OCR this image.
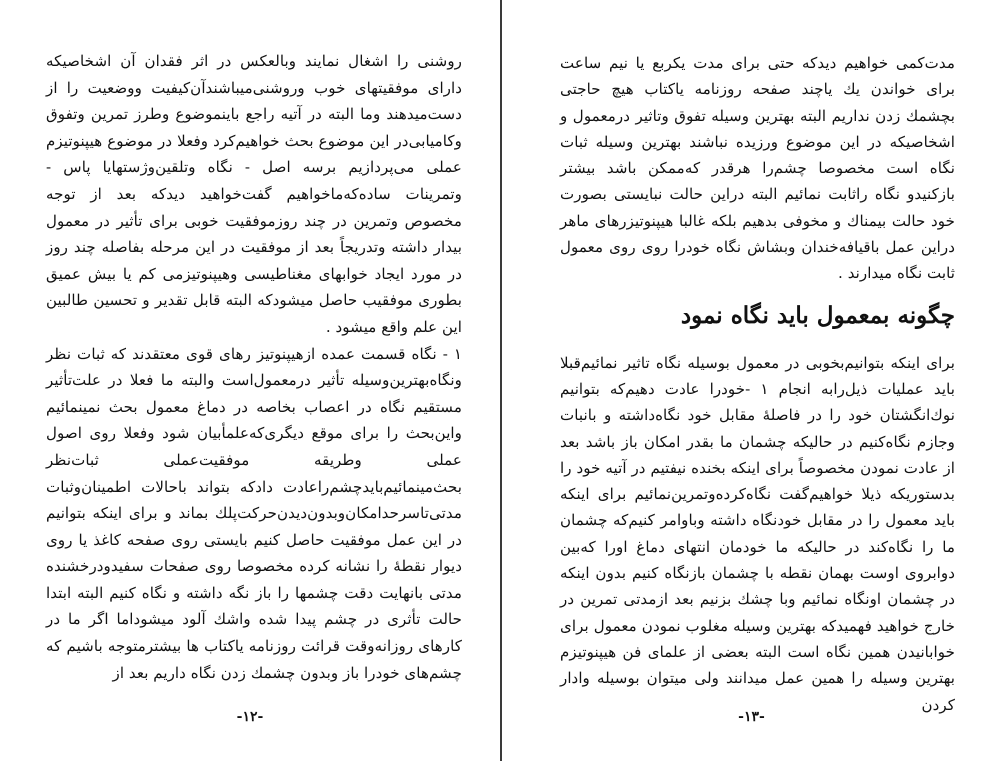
روشنی را اشغال نمایند وبالعکس در اثر فقدان آن اشخاصیکه دارای موفقیتهای خوب وروشنی‌میباشندآن‌کیفیت ووضعیت را از دست‌میدهند وما البته در آتیه راجع باینموضوع وطرز تمرین وتفوق وکامیابی‌در این موضوع بحث خواهیم‌کرد وفعلا در موضوع هیپنوتیزم عملی می‌پردازیم برسه اصل - نگاه وتلقین‌وژستهایا پاس - وتمرینات ساده‌که‌ماخواهیم گفت‌خواهید دیدکه بعد از توجه مخصوص وتمرین در چند روزموفقیت خوبی برای تأثیر در معمول بیدار داشته وتدریجاً بعد از موفقیت در این مرحله بفاصله چند روز در مورد ایجاد خوابهای مغناطیسی وهیپنوتیزمی کم یا بیش عمیق بطوری موفقیب حاصل میشودکه البته قابل تقدیر و تحسین طالبین این علم واقع میشود .

۱ - نگاه قسمت عمده ازهیپنوتیز رهای قوی معتقدند که ثبات نظر ونگاه‌بهترین‌وسیله تأثیر درمعمول‌است والبته ما فعلا در علت‌تأثیر مستقیم نگاه در اعصاب بخاصه در دماغ معمول بحث نمینمائیم واین‌بحث را برای موقع دیگری‌که‌علمأبیان شود وفعلا روی اصول عملی وطریقه موفقیت‌عملی ثبات‌نظر بحث‌مینمائیم‌بایدچشم‌راعادت داد‌که بتواند باحالات اطمینان‌وثبات مدتی‌تاسرحدامکان‌وبدون‌دیدن‌حرکت‌پلك بماند و برای اینکه بتوانیم در این عمل موفقیت حاصل کنیم بایستی روی صفحه کاغذ یا روی دیوار نقطهٔ را نشانه کرده مخصوصا روی صفحات سفیدودرخشنده مدتی بانهایت دقت چشمها را باز نگه داشته و نگاه کنیم البته ابتدا حالت تأثری در چشم پیدا شده واشك آلود میشوداما اگر ما در کارهای روزانه‌وقت قرائت روزنامه یاکتاب ها بیشترمتوجه باشیم که چشم‌های خودرا باز وبدون چشمك زدن نگاه داریم بعد از

-۱۲-

مدت‌کمی خواهیم دیدکه حتی برای مدت یکربع یا نیم ساعت برای خواندن یك یاچند صفحه روزنامه یاکتاب هیچ حاجتی بچشمك زدن نداریم البته بهترین وسیله تفوق وتاثیر درمعمول و اشخاصیکه در این موضوع ورزیده نباشند بهترین وسیله ثبات نگاه است مخصوصا چشم‌را هرقدر که‌ممکن باشد بیشتر بازکنیدو نگاه راثابت نمائیم البته دراین حالت نبایستی بصورت خود حالت بیمناك و مخوفی بدهیم بلکه غالبا هیپنوتیزرهای ماهر دراین عمل باقیافه‌خندان وبشاش نگاه خودرا روی روی معمول ثابت نگاه میدارند .

چگونه بمعمول باید نگاه نمود

برای اینکه بتوانیم‌بخوبی در معمول بوسیله نگاه تاثیر نمائیم‌قبلا باید عملیات ذیل‌رابه‌ انجام ۱ -خودرا عادت دهیم‌که بتوانیم نوك‌انگشتان خود را در فاصلهٔ مقابل خود نگاه‌داشته و بانبات وجازم نگاه‌کنیم در حالیکه چشمان ما بقدر امکان باز باشد بعد از عادت نمودن مخصوصاً برای اینکه بخنده نیفتیم در آتیه خود را بدستوریکه ذیلا خواهیم‌گفت نگاه‌کرده‌وتمرین‌نمائیم برای اینکه باید معمول را در مقابل خودنگاه داشته وباوامر کنیم‌که چشمان ما را نگاه‌کند در حالیکه ما خودمان انتهای دماغ اورا که‌بین دوابروی اوست بهمان نقطه با چشمان بازنگاه کنیم بدون اینکه در چشمان اونگاه نمائیم وبا چشك بزنیم بعد ازمدتی تمرین در خارج خواهید فهمیدکه بهترین وسیله مغلوب نمودن معمول برای خوابانیدن همین نگاه است البته بعضی از علمای فن هیپنوتیزم بهترین وسیله را همین عمل میدانند ولی میتوان بوسیله وادار کردن

-۱۳-
